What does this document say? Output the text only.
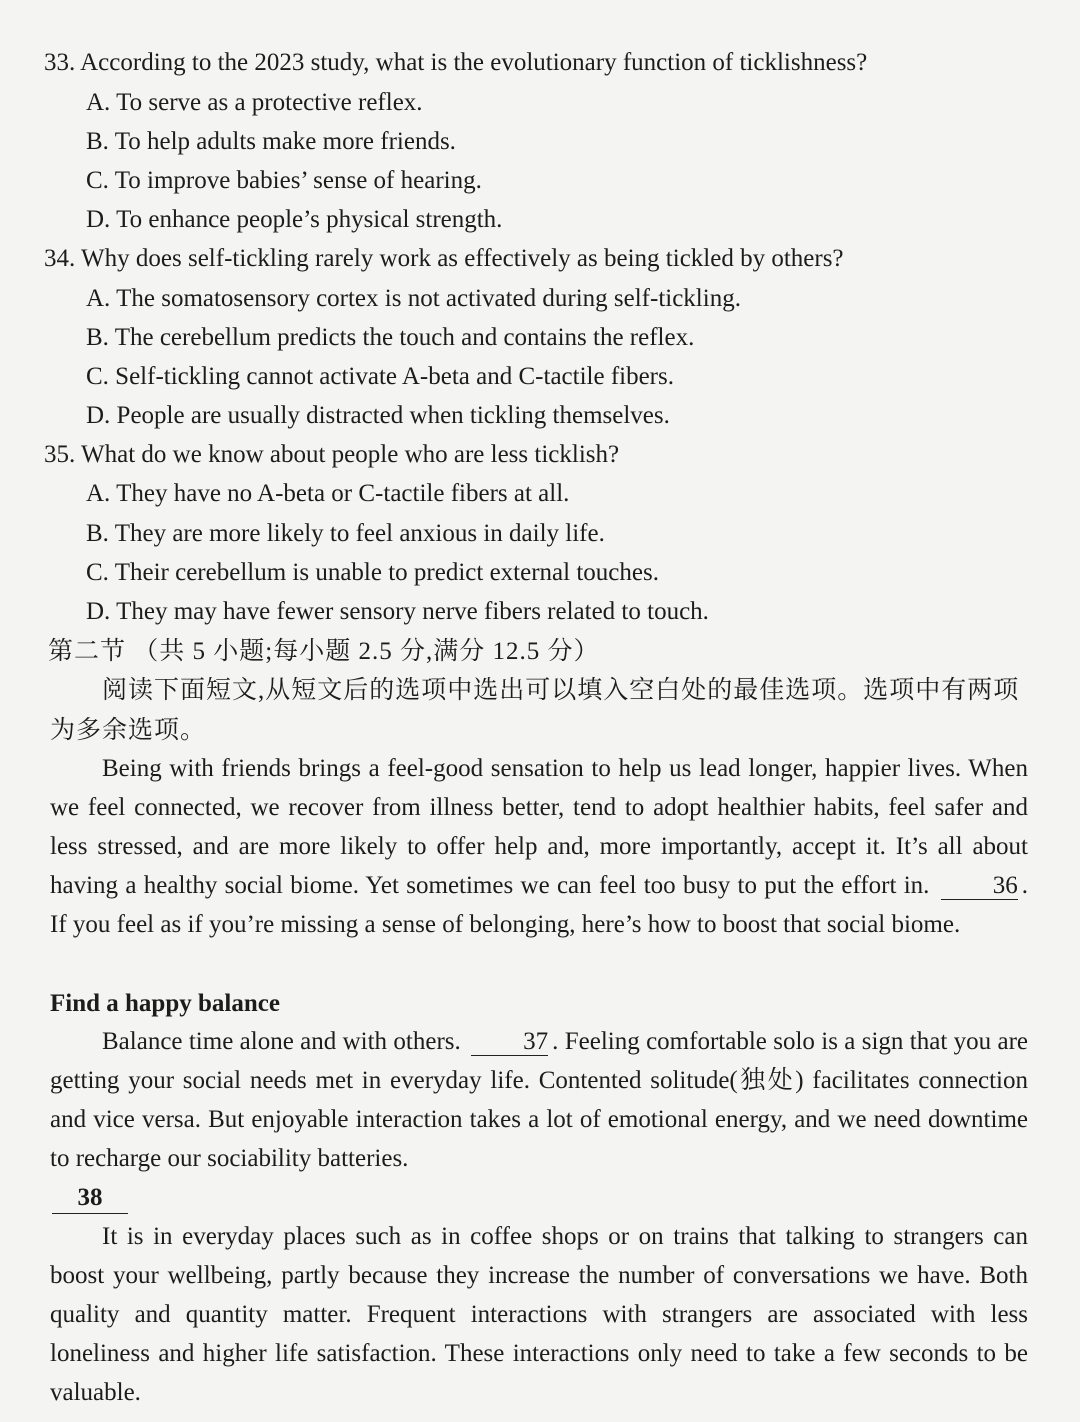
33. According to the 2023 study, what is the evolutionary function of ticklishness?
A. To serve as a protective reflex.
B. To help adults make more friends.
C. To improve babies’ sense of hearing.
D. To enhance people’s physical strength.
34. Why does self-tickling rarely work as effectively as being tickled by others?
A. The somatosensory cortex is not activated during self-tickling.
B. The cerebellum predicts the touch and contains the reflex.
C. Self-tickling cannot activate A-beta and C-tactile fibers.
D. People are usually distracted when tickling themselves.
35. What do we know about people who are less ticklish?
A. They have no A-beta or C-tactile fibers at all.
B. They are more likely to feel anxious in daily life.
C. Their cerebellum is unable to predict external touches.
D. They may have fewer sensory nerve fibers related to touch.
第二节 （共 5 小题;每小题 2.5 分,满分 12.5 分）
阅读下面短文,从短文后的选项中选出可以填入空白处的最佳选项。选项中有两项
为多余选项。
Being with friends brings a feel-good sensation to help us lead longer, happier lives. When we feel connected, we recover from illness better, tend to adopt healthier habits, feel safer and less stressed, and are more likely to offer help and, more importantly, accept it. It’s all about having a healthy social biome. Yet sometimes we can feel too busy to put the effort in.	36 . If you feel as if you’re missing a sense of belonging, here’s how to boost that social biome.
Find a happy balance
Balance time alone and with others. 37 . Feeling comfortable solo is a sign that you are getting your social needs met in everyday life. Contented solitude(独处) facilitates connection and vice versa. But enjoyable interaction takes a lot of emotional energy, and we need downtime to recharge our sociability batteries.
38
It is in everyday places such as in coffee shops or on trains that talking to strangers can boost your wellbeing, partly because they increase the number of conversations we have. Both quality and quantity matter. Frequent interactions with strangers are associated with less loneliness and higher life satisfaction. These interactions only need to take a few seconds to be valuable.
